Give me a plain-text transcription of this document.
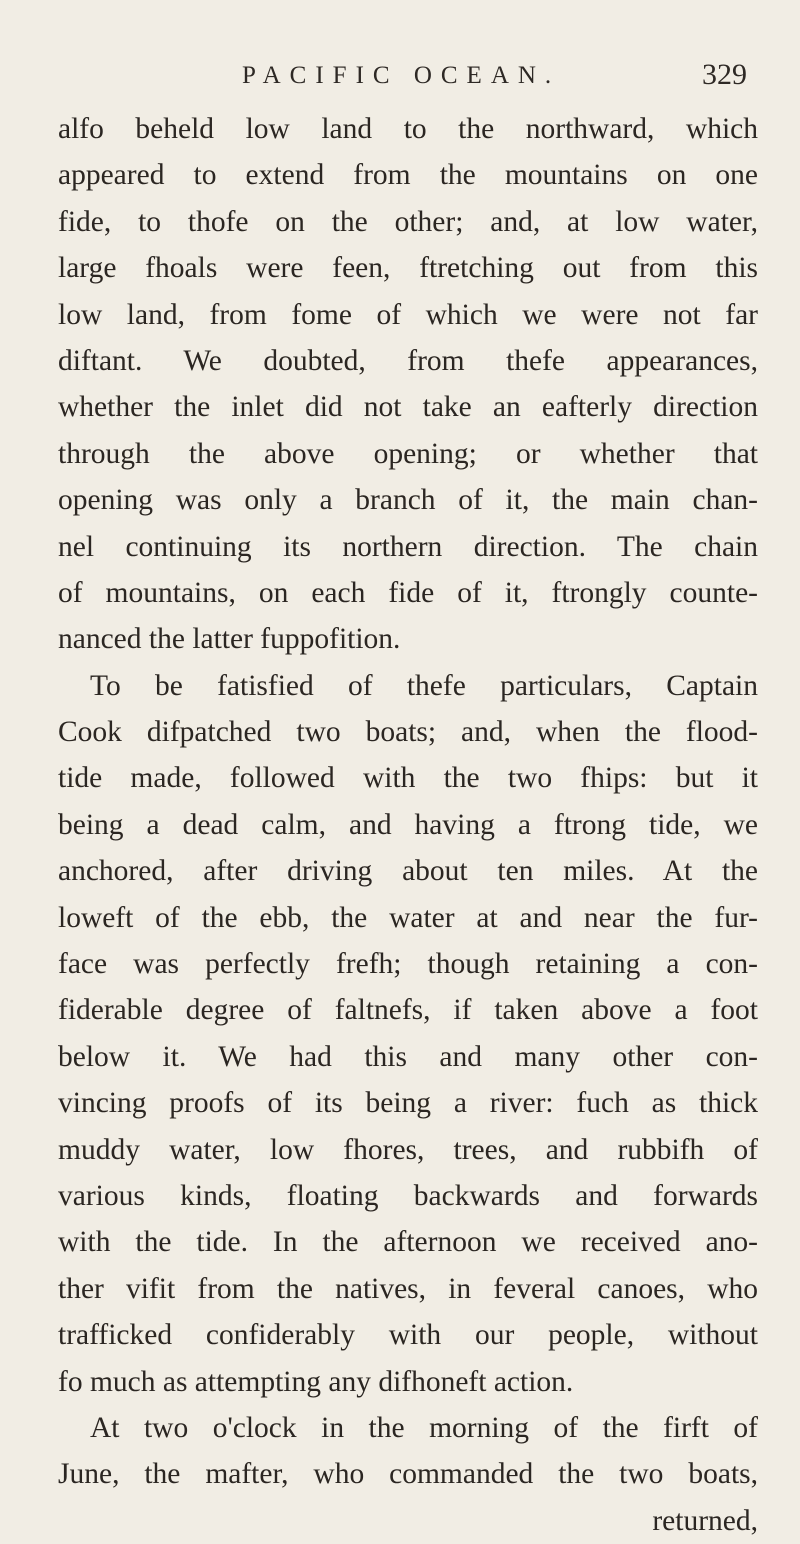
PACIFIC OCEAN.	329
alfo beheld low land to the northward, which
appeared to extend from the mountains on one
fide, to thofe on the other; and, at low water,
large fhoals were feen, ftretching out from this
low land, from fome of which we were not far
diftant. We doubted, from thefe appearances,
whether the inlet did not take an eafterly direction
through the above opening; or whether that
opening was only a branch of it, the main chan-
nel continuing its northern direction. The chain
of mountains, on each fide of it, ftrongly counte-
nanced the latter fuppofition.
To be fatisfied of thefe particulars, Captain
Cook difpatched two boats; and, when the flood-
tide made, followed with the two fhips: but it
being a dead calm, and having a ftrong tide, we
anchored, after driving about ten miles. At the
loweft of the ebb, the water at and near the fur-
face was perfectly frefh; though retaining a con-
fiderable degree of faltnefs, if taken above a foot
below it. We had this and many other con-
vincing proofs of its being a river: fuch as thick
muddy water, low fhores, trees, and rubbifh of
various kinds, floating backwards and forwards
with the tide. In the afternoon we received ano-
ther vifit from the natives, in feveral canoes, who
trafficked confiderably with our people, without
fo much as attempting any difhoneft action.
At two o'clock in the morning of the firft of
June, the mafter, who commanded the two boats,
returned,
